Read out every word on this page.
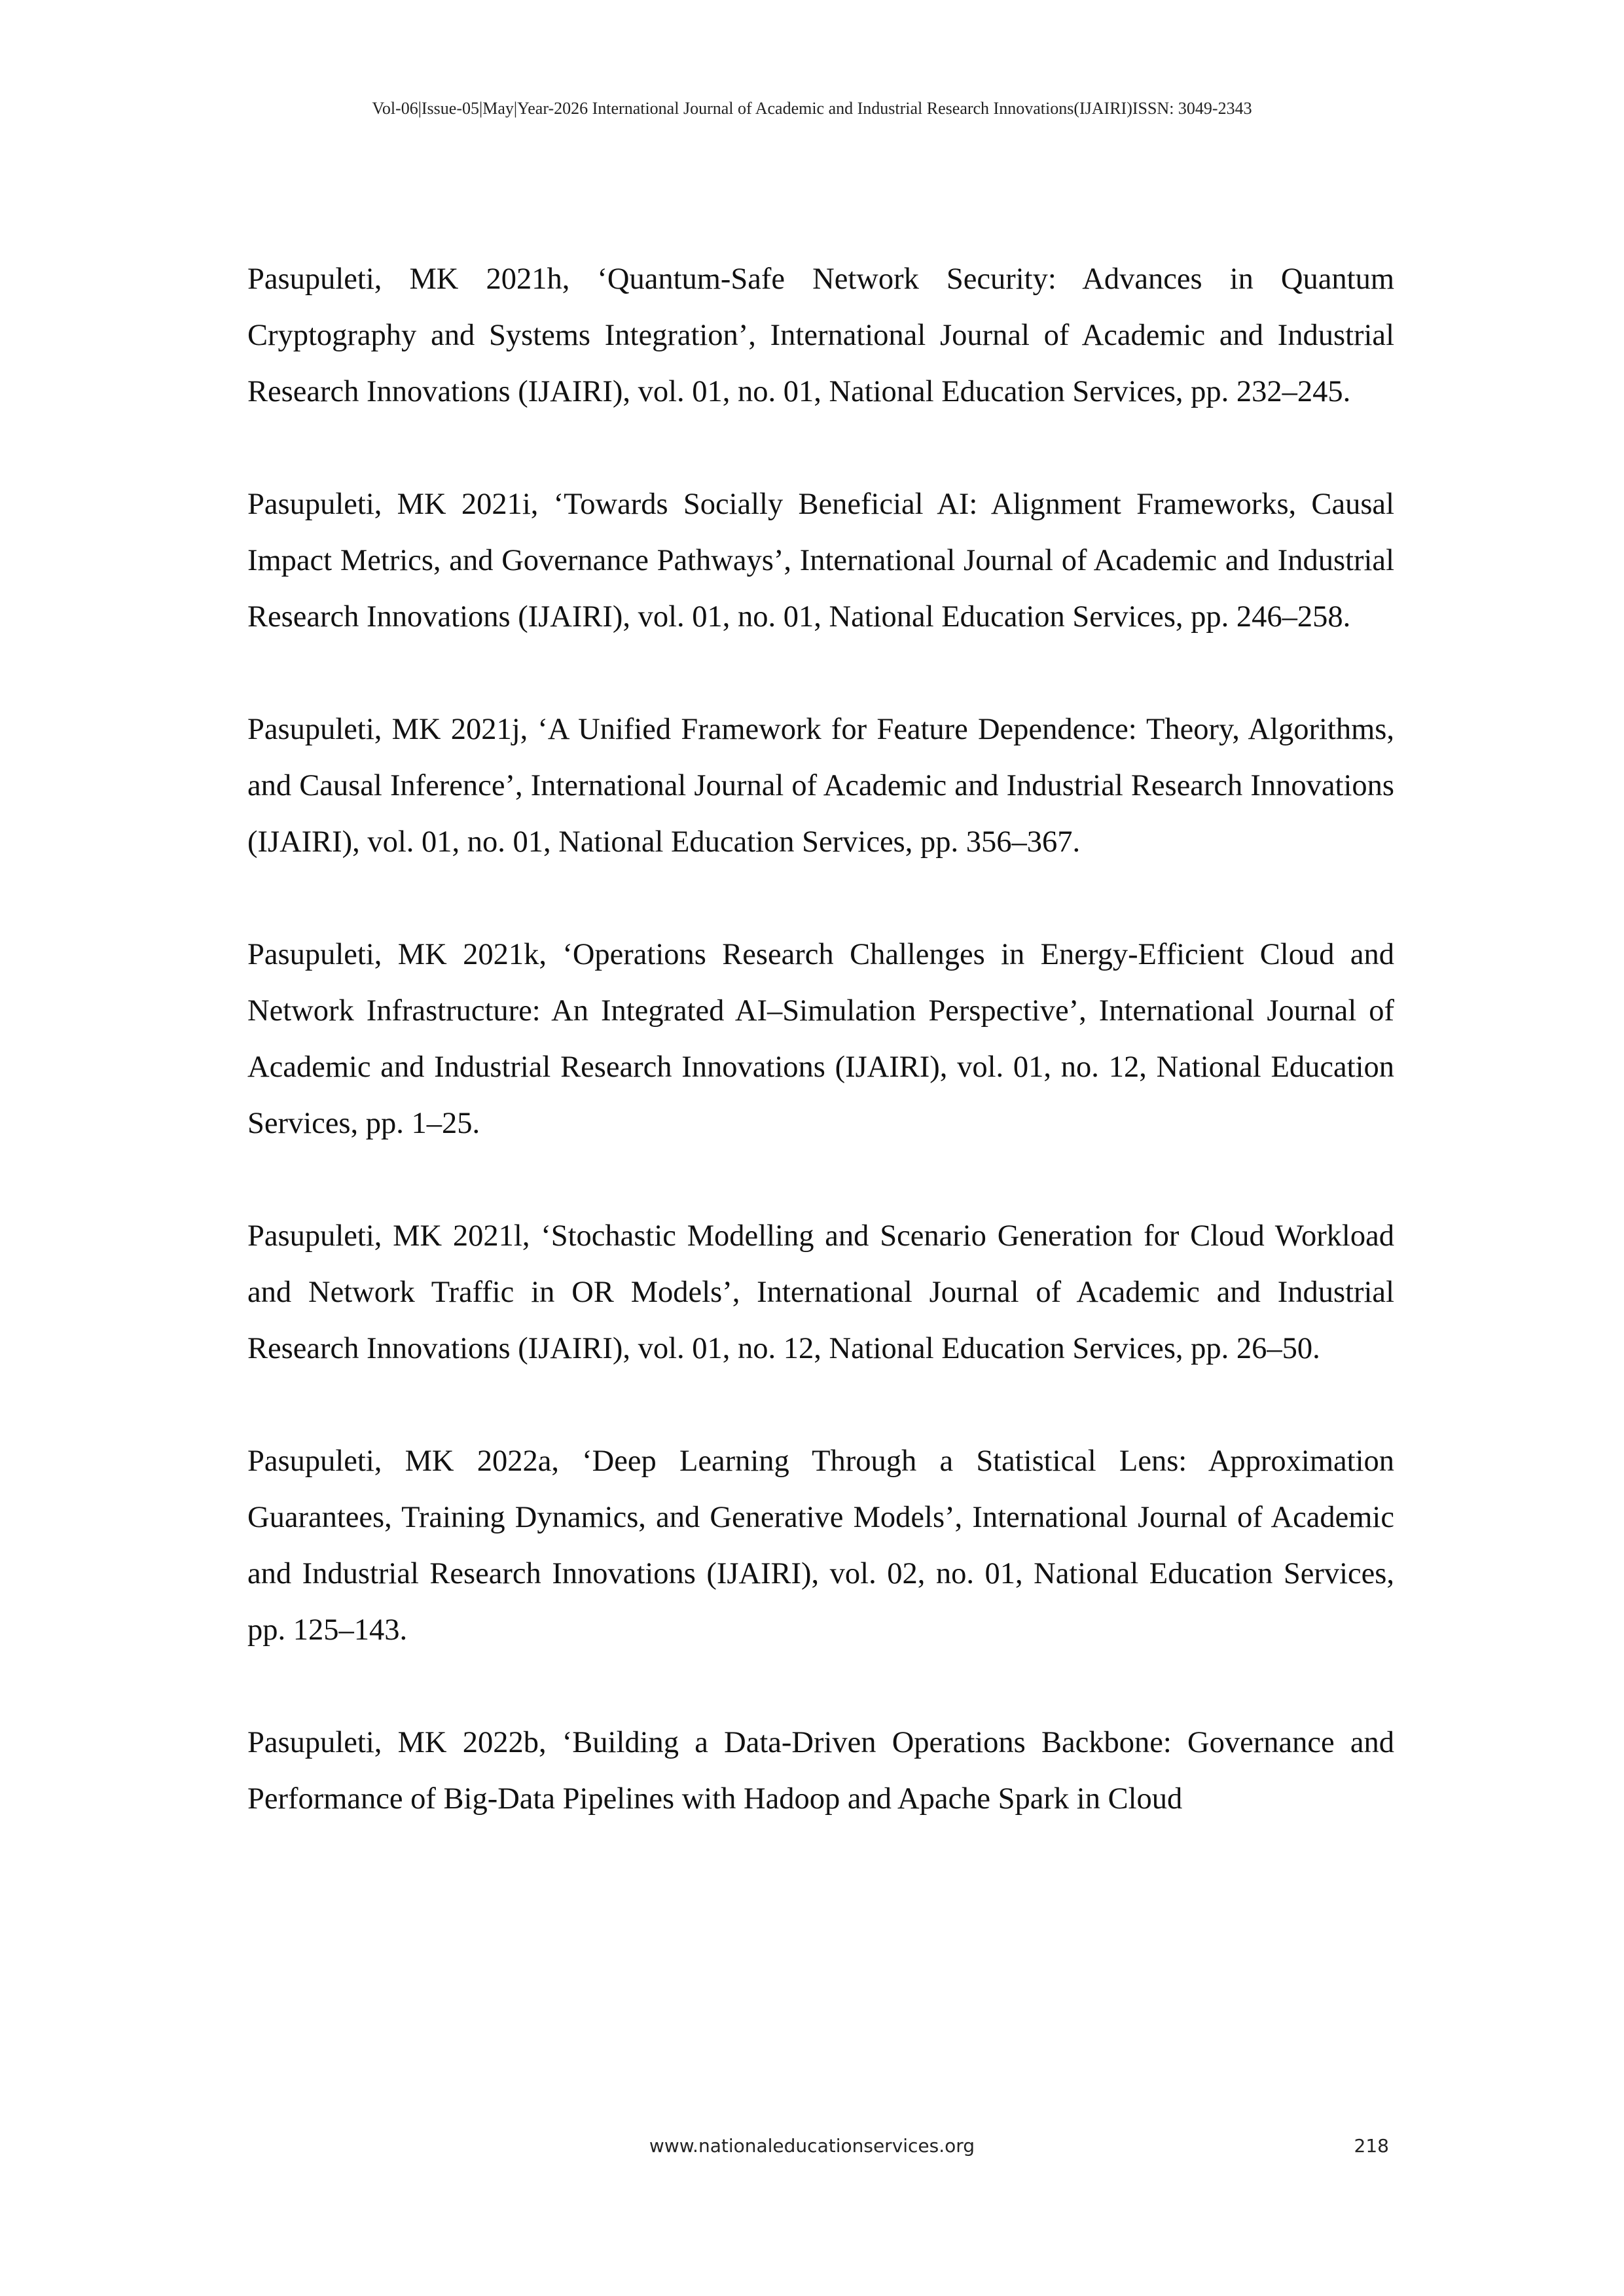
Vol-06|Issue-05|May|Year-2026 International Journal of Academic and Industrial Research Innovations(IJAIRI)ISSN: 3049-2343

Pasupuleti, MK 2021h, ‘Quantum-Safe Network Security: Advances in Quantum Cryptography and Systems Integration’, International Journal of Academic and Industrial Research Innovations (IJAIRI), vol. 01, no. 01, National Education Services, pp. 232–245.

Pasupuleti, MK 2021i, ‘Towards Socially Beneficial AI: Alignment Frameworks, Causal Impact Metrics, and Governance Pathways’, International Journal of Academic and Industrial Research Innovations (IJAIRI), vol. 01, no. 01, National Education Services, pp. 246–258.

Pasupuleti, MK 2021j, ‘A Unified Framework for Feature Dependence: Theory, Algorithms, and Causal Inference’, International Journal of Academic and Industrial Research Innovations (IJAIRI), vol. 01, no. 01, National Education Services, pp. 356–367.

Pasupuleti, MK 2021k, ‘Operations Research Challenges in Energy-Efficient Cloud and Network Infrastructure: An Integrated AI–Simulation Perspective’, International Journal of Academic and Industrial Research Innovations (IJAIRI), vol. 01, no. 12, National Education Services, pp. 1–25.

Pasupuleti, MK 2021l, ‘Stochastic Modelling and Scenario Generation for Cloud Workload and Network Traffic in OR Models’, International Journal of Academic and Industrial Research Innovations (IJAIRI), vol. 01, no. 12, National Education Services, pp. 26–50.

Pasupuleti, MK 2022a, ‘Deep Learning Through a Statistical Lens: Approximation Guarantees, Training Dynamics, and Generative Models’, International Journal of Academic and Industrial Research Innovations (IJAIRI), vol. 02, no. 01, National Education Services, pp. 125–143.

Pasupuleti, MK 2022b, ‘Building a Data-Driven Operations Backbone: Governance and Performance of Big-Data Pipelines with Hadoop and Apache Spark in Cloud

www.nationaleducationservices.org	218
